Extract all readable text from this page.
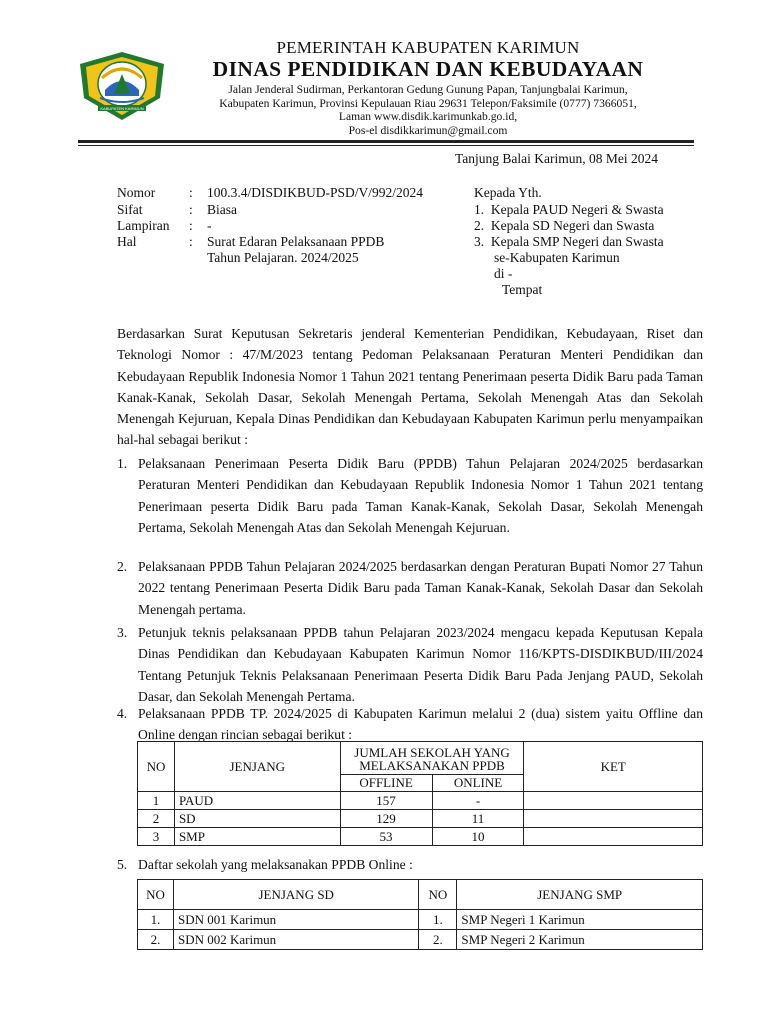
KABUPATEN KARIMUN
PEMERINTAH KABUPATEN KARIMUN
DINAS PENDIDIKAN DAN KEBUDAYAAN
Jalan Jenderal Sudirman, Perkantoran Gedung Gunung Papan, Tanjungbalai Karimun,
Kabupaten Karimun, Provinsi Kepulauan Riau 29631 Telepon/Faksimile (0777) 7366051,
Laman www.disdik.karimunkab.go.id,
Pos-el disdikkarimun@gmail.com
Tanjung Balai Karimun, 08 Mei 2024
Nomor	: 100.3.4/DISDIKBUD-PSD/V/992/2024
Sifat	: Biasa
Lampiran : -
Hal	: Surat Edaran Pelaksanaan PPDB
Tahun Pelajaran. 2024/2025
Kepada Yth.
1.  Kepala PAUD Negeri & Swasta
2.  Kepala SD Negeri dan Swasta
3.  Kepala SMP Negeri dan Swasta
se-Kabupaten Karimun
di -
Tempat

Berdasarkan Surat Keputusan Sekretaris jenderal Kementerian Pendidikan, Kebudayaan, Riset dan Teknologi Nomor : 47/M/2023 tentang Pedoman Pelaksanaan Peraturan Menteri Pendidikan dan Kebudayaan Republik Indonesia Nomor 1 Tahun 2021 tentang Penerimaan peserta Didik Baru pada Taman Kanak-Kanak, Sekolah Dasar, Sekolah Menengah Pertama, Sekolah Menengah Atas dan Sekolah Menengah Kejuruan, Kepala Dinas Pendidikan dan Kebudayaan Kabupaten Karimun perlu menyampaikan hal-hal sebagai berikut :

1. Pelaksanaan Penerimaan Peserta Didik Baru (PPDB) Tahun Pelajaran 2024/2025 berdasarkan Peraturan Menteri Pendidikan dan Kebudayaan Republik Indonesia Nomor 1 Tahun 2021 tentang Penerimaan peserta Didik Baru pada Taman Kanak-Kanak, Sekolah Dasar, Sekolah Menengah Pertama, Sekolah Menengah Atas dan Sekolah Menengah Kejuruan.
2. Pelaksanaan PPDB Tahun Pelajaran 2024/2025 berdasarkan dengan Peraturan Bupati Nomor 27 Tahun 2022 tentang Penerimaan Peserta Didik Baru pada Taman Kanak-Kanak, Sekolah Dasar dan Sekolah Menengah pertama.
3. Petunjuk teknis pelaksanaan PPDB tahun Pelajaran 2023/2024 mengacu kepada Keputusan Kepala Dinas Pendidikan dan Kebudayaan Kabupaten Karimun Nomor 116/KPTS-DISDIKBUD/III/2024 Tentang Petunjuk Teknis Pelaksanaan Penerimaan Peserta Didik Baru Pada Jenjang PAUD, Sekolah Dasar, dan Sekolah Menengah Pertama.
4. Pelaksanaan PPDB TP. 2024/2025 di Kabupaten Karimun melalui 2 (dua) sistem yaitu Offline dan Online dengan rincian sebagai berikut :
NO	JENJANG	JUMLAH SEKOLAH YANG
MELAKSANAKAN PPDB		KET
		OFFLINE	ONLINE	
1	PAUD	157	-	
2	SD	129	11	
3	SMP	53	10	
5. Daftar sekolah yang melaksanakan PPDB Online :
NO	JENJANG SD	NO	JENJANG SMP
1.	SDN 001 Karimun	1.	SMP Negeri 1 Karimun
2.	SDN 002 Karimun	2.	SMP Negeri 2 Karimun
